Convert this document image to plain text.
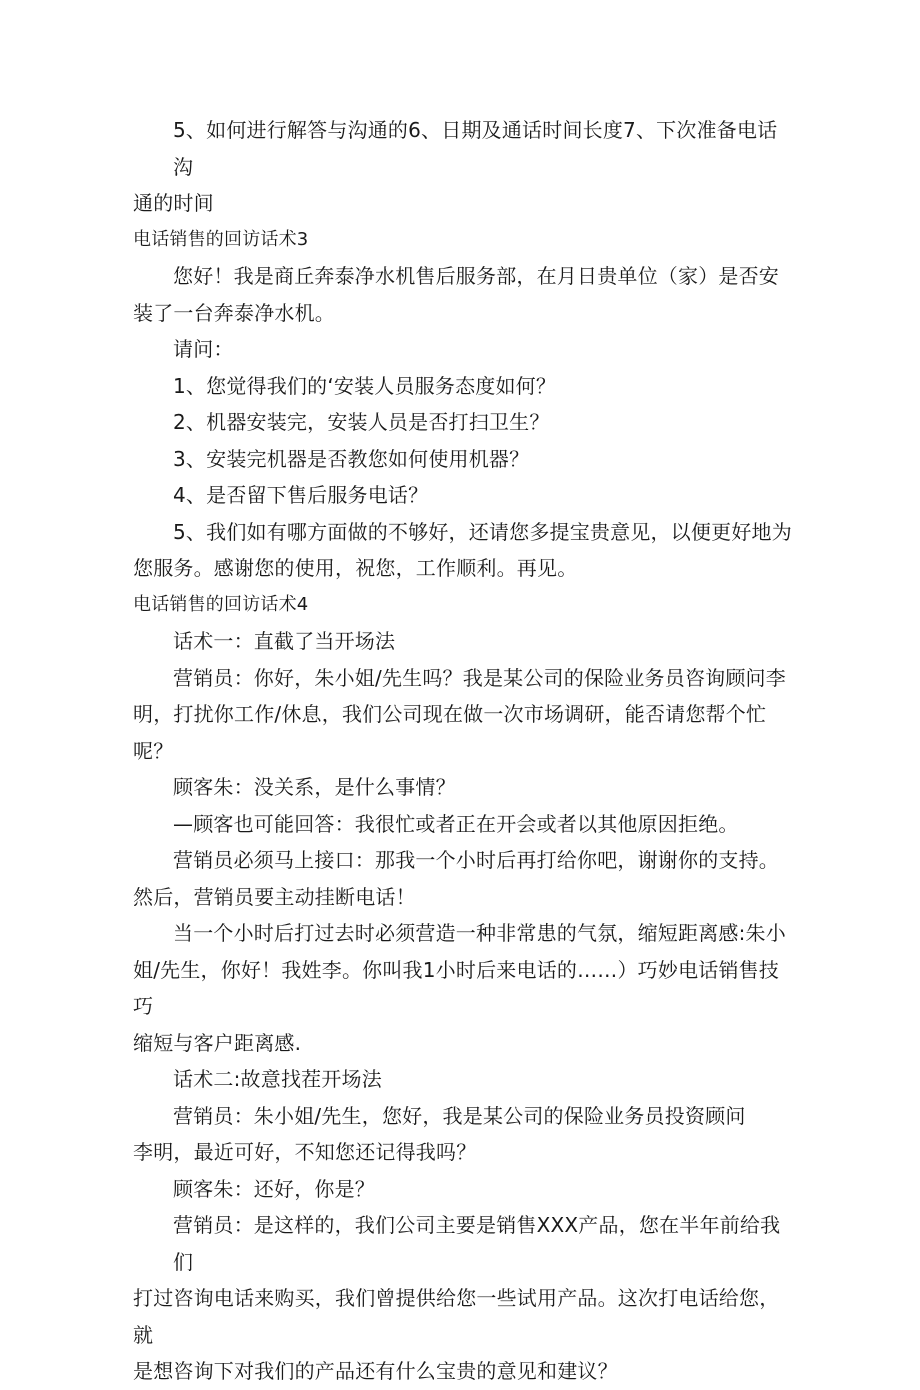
5、如何进行解答与沟通的6、日期及通话时间长度7、下次准备电话沟

通的时间

电话销售的回访话术3

您好！我是商丘奔泰净水机售后服务部，在月日贵单位（家）是否安

装了一台奔泰净水机。

请问：

1、您觉得我们的‘安装人员服务态度如何？

2、机器安装完，安装人员是否打扫卫生？

3、安装完机器是否教您如何使用机器？

4、是否留下售后服务电话？

5、我们如有哪方面做的不够好，还请您多提宝贵意见，以便更好地为

您服务。感谢您的使用，祝您，工作顺利。再见。

电话销售的回访话术4

话术一：直截了当开场法

营销员：你好，朱小姐/先生吗？我是某公司的保险业务员咨询顾问李

明，打扰你工作/休息，我们公司现在做一次市场调研，能否请您帮个忙呢？

顾客朱：没关系，是什么事情？

—顾客也可能回答：我很忙或者正在开会或者以其他原因拒绝。

营销员必须马上接口：那我一个小时后再打给你吧，谢谢你的支持。

然后，营销员要主动挂断电话！

当一个小时后打过去时必须营造一种非常患的气氛，缩短距离感:朱小

姐/先生，你好！我姓李。你叫我1小时后来电话的……）巧妙电话销售技巧

缩短与客户距离感.

话术二:故意找茬开场法

营销员：朱小姐/先生，您好，我是某公司的保险业务员投资顾问

李明，最近可好，不知您还记得我吗？

顾客朱：还好，你是？

营销员：是这样的，我们公司主要是销售XXX产品，您在半年前给我们

打过咨询电话来购买，我们曾提供给您一些试用产品。这次打电话给您，就

是想咨询下对我们的产品还有什么宝贵的意见和建议？
